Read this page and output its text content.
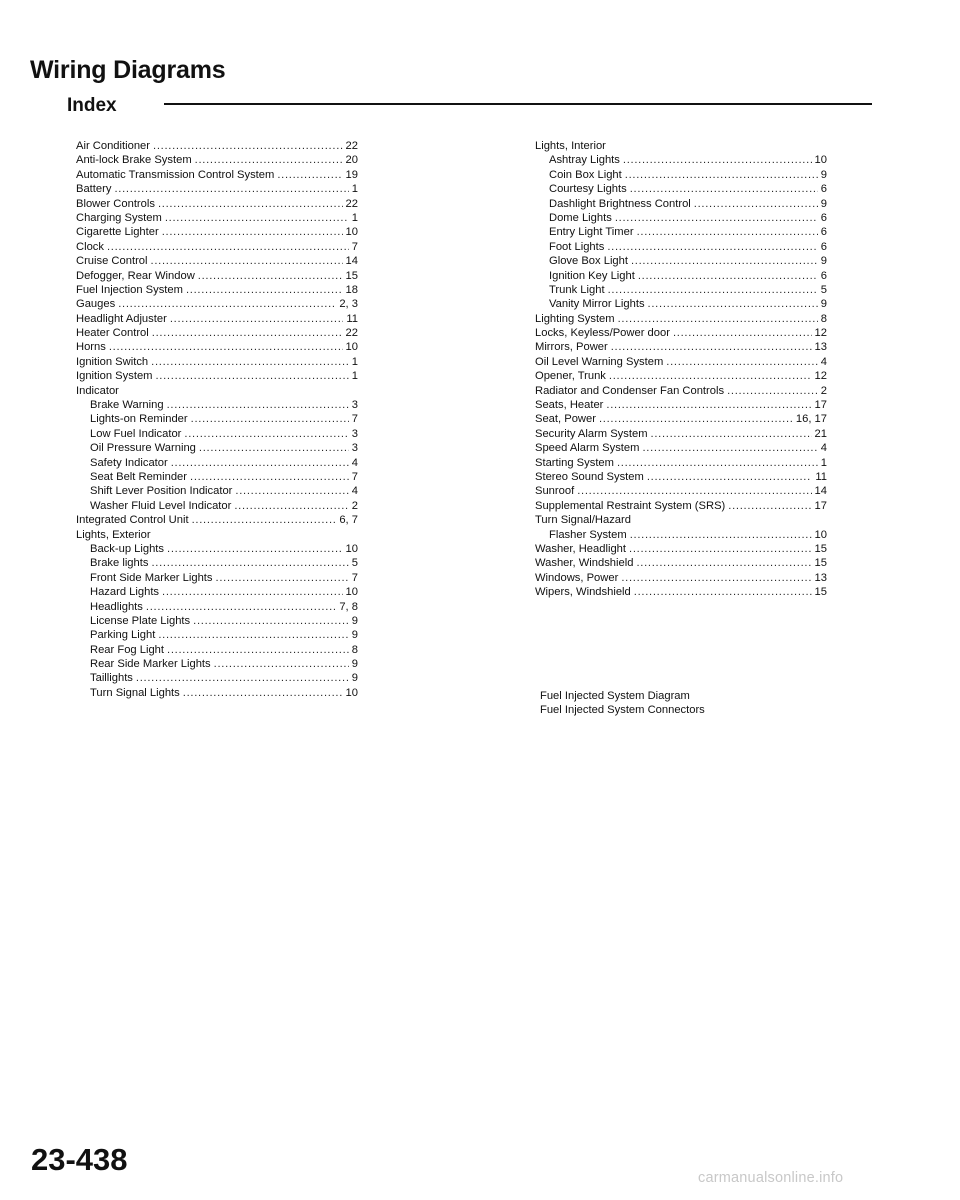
Wiring Diagrams
Index
Air Conditioner . . .	22
Anti-lock Brake System . . .	20
Automatic Transmission Control System . . .	19
Battery . . .	1
Blower Controls . . .	22
Charging System . . .	1
Cigarette Lighter . . .	10
Clock . . .	7
Cruise Control . . .	14
Defogger, Rear Window . . .	15
Fuel Injection System . . .	18
Gauges . . .	2, 3
Headlight Adjuster . . .	11
Heater Control . . .	22
Horns . . .	10
Ignition Switch . . .	1
Ignition System . . .	1
Indicator
Brake Warning . . .	3
Lights-on Reminder . . .	7
Low Fuel Indicator . . .	3
Oil Pressure Warning . . .	3
Safety Indicator . . .	4
Seat Belt Reminder . . .	7
Shift Lever Position Indicator . . .	4
Washer Fluid Level Indicator . . .	2
Integrated Control Unit . . .	6, 7
Lights, Exterior
Back-up Lights . . .	10
Brake lights . . .	5
Front Side Marker Lights . . .	7
Hazard Lights . . .	10
Headlights . . .	7, 8
License Plate Lights . . .	9
Parking Light . . .	9
Rear Fog Light . . .	8
Rear Side Marker Lights . . .	9
Taillights . . .	9
Turn Signal Lights . . .	10
Lights, Interior
Ashtray Lights . . .	10
Coin Box Light . . .	9
Courtesy Lights . . .	6
Dashlight Brightness Control . . .	9
Dome Lights . . .	6
Entry Light Timer . . .	6
Foot Lights . . .	6
Glove Box Light . . .	9
Ignition Key Light . . .	6
Trunk Light . . .	5
Vanity Mirror Lights . . .	9
Lighting System . . .	8
Locks, Keyless/Power door . . .	12
Mirrors, Power . . .	13
Oil Level Warning System . . .	4
Opener, Trunk . . .	12
Radiator and Condenser Fan Controls . . .	2
Seats, Heater . . .	17
Seat, Power . . .	16, 17
Security Alarm System . . .	21
Speed Alarm System . . .	4
Starting System . . .	1
Stereo Sound System . . .	11
Sunroof . . .	14
Supplemental Restraint System (SRS) . . .	17
Turn Signal/Hazard
Flasher System . . .	10
Washer, Headlight . . .	15
Washer, Windshield . . .	15
Windows, Power . . .	13
Wipers, Windshield . . .	15
Fuel Injected System Diagram
Fuel Injected System Connectors
23-438
carmanualsonline.info
